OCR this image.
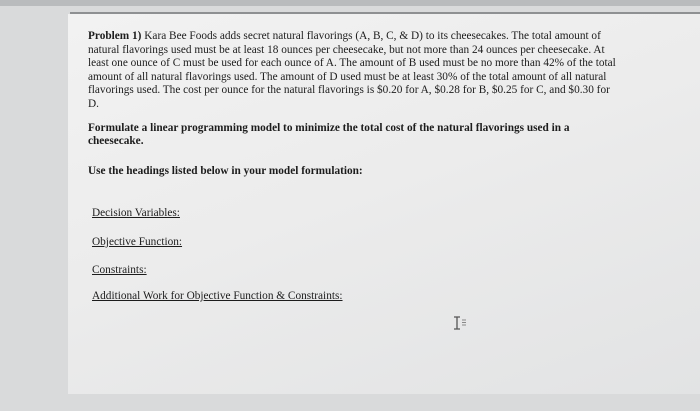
Problem 1) Kara Bee Foods adds secret natural flavorings (A, B, C, & D) to its cheesecakes. The total amount of natural flavorings used must be at least 18 ounces per cheesecake, but not more than 24 ounces per cheesecake. At least one ounce of C must be used for each ounce of A. The amount of B used must be no more than 42% of the total amount of all natural flavorings used. The amount of D used must be at least 30% of the total amount of all natural flavorings used. The cost per ounce for the natural flavorings is $0.20 for A, $0.28 for B, $0.25 for C, and $0.30 for D.

Formulate a linear programming model to minimize the total cost of the natural flavorings used in a cheesecake.

Use the headings listed below in your model formulation:

Decision Variables:

Objective Function:

Constraints:

Additional Work for Objective Function & Constraints:
